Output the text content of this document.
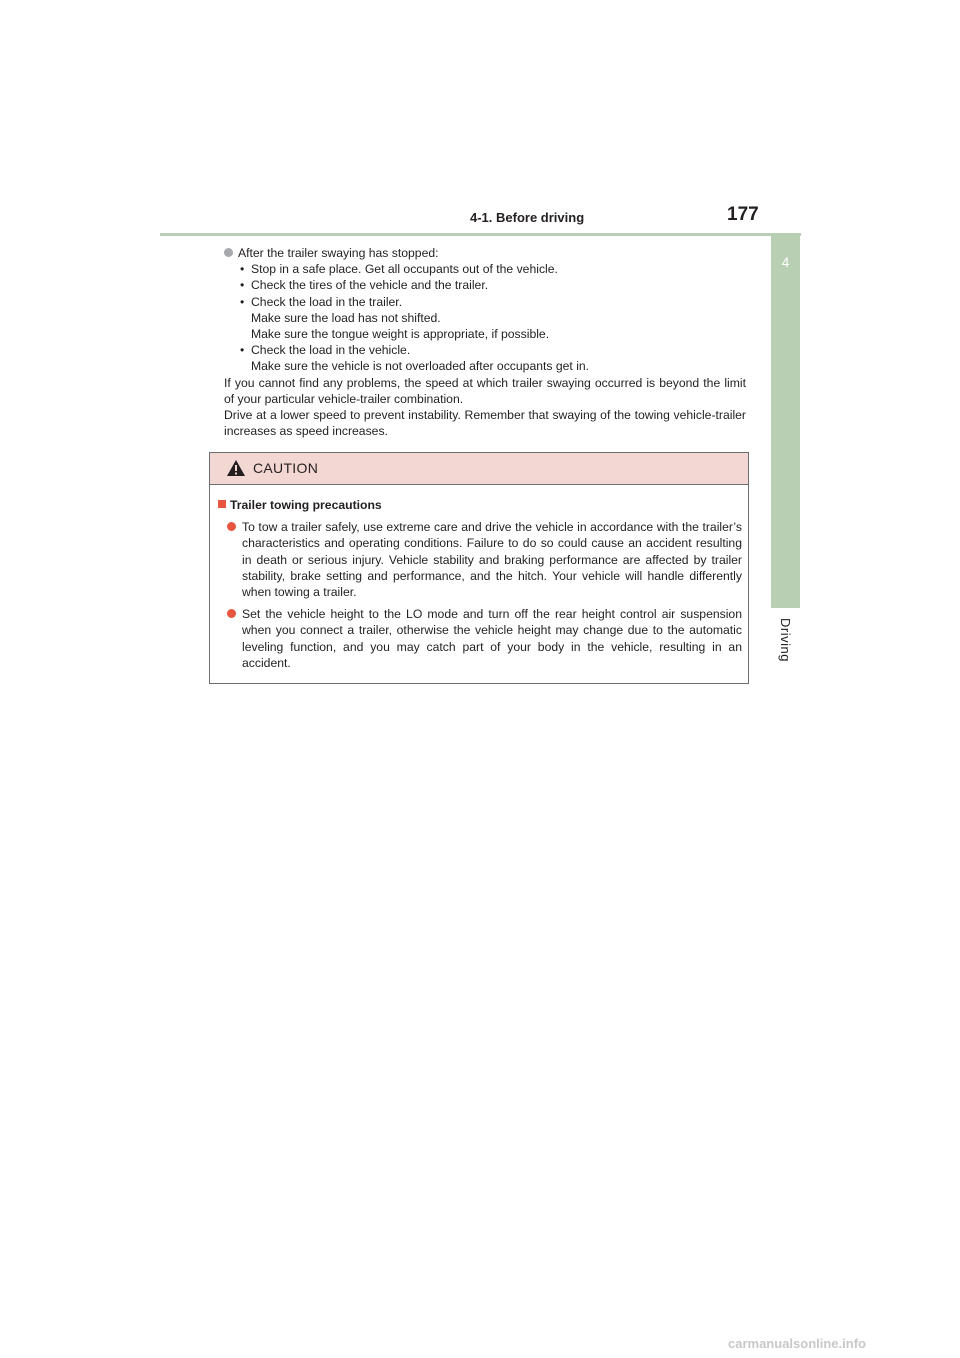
4-1. Before driving	177
4
Driving

After the trailer swaying has stopped:

• Stop in a safe place. Get all occupants out of the vehicle.

• Check the tires of the vehicle and the trailer.

• Check the load in the trailer.

Make sure the load has not shifted.

Make sure the tongue weight is appropriate, if possible.

• Check the load in the vehicle.

Make sure the vehicle is not overloaded after occupants get in.

If you cannot find any problems, the speed at which trailer swaying occurred is beyond the limit of your particular vehicle-trailer combination.

Drive at a lower speed to prevent instability. Remember that swaying of the towing vehicle-trailer increases as speed increases.

CAUTION

Trailer towing precautions

To tow a trailer safely, use extreme care and drive the vehicle in accordance with the trailer’s characteristics and operating conditions. Failure to do so could cause an accident resulting in death or serious injury. Vehicle stability and braking performance are affected by trailer stability, brake setting and performance, and the hitch. Your vehicle will handle differently when towing a trailer.

Set the vehicle height to the LO mode and turn off the rear height control air suspension when you connect a trailer, otherwise the vehicle height may change due to the automatic leveling function, and you may catch part of your body in the vehicle, resulting in an accident.

carmanualsonline.info
